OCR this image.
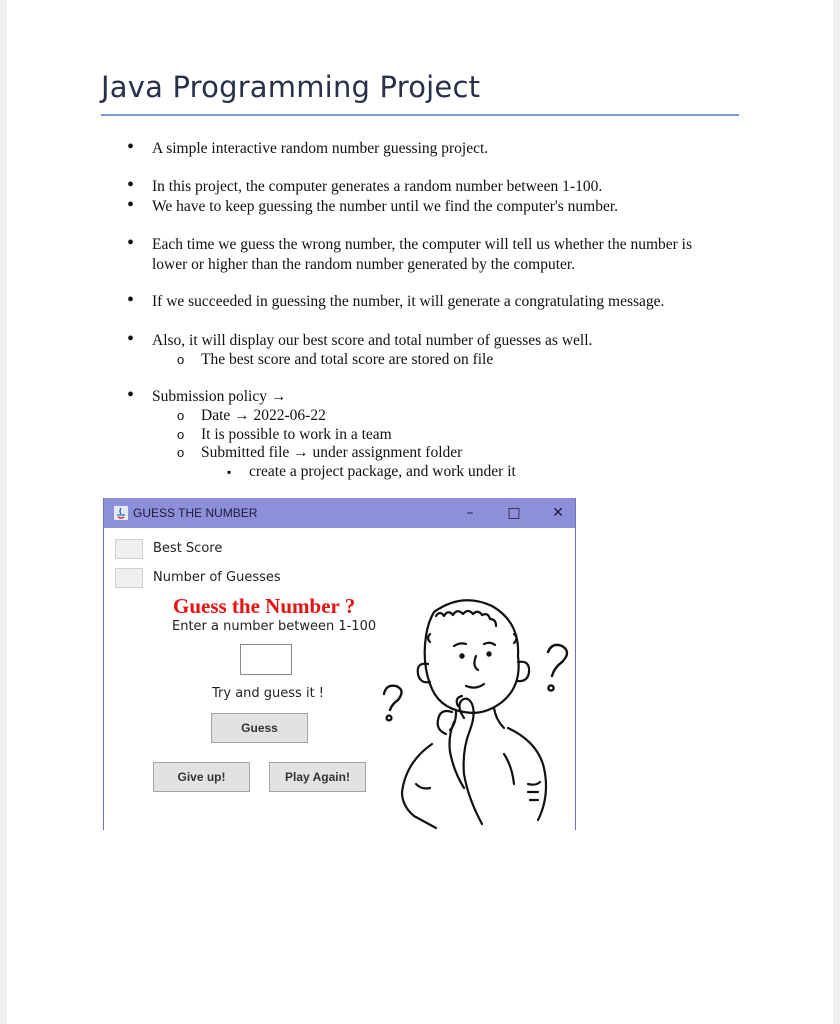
Java Programming Project
•
•
•
•
•
•
o
•
o
o
o
▪
A simple interactive random number guessing project.
In this project, the computer generates a random number between 1-100.
We have to keep guessing the number until we find the computer's number.
Each time we guess the wrong number, the computer will tell us whether the number is
lower or higher than the random number generated by the computer.
If we succeeded in guessing the number, it will generate a congratulating message.
Also, it will display our best score and total number of guesses as well.
The best score and total score are stored on file
Submission policy →
Date → 2022-06-22
It is possible to work in a team
Submitted file → under assignment folder
create a project package, and work under it
GUESS THE NUMBER	–	□	✕
Best Score
Number of Guesses
Guess the Number ?
Enter a number between 1-100
Try and guess it !
Guess
Give up!	Play Again!
